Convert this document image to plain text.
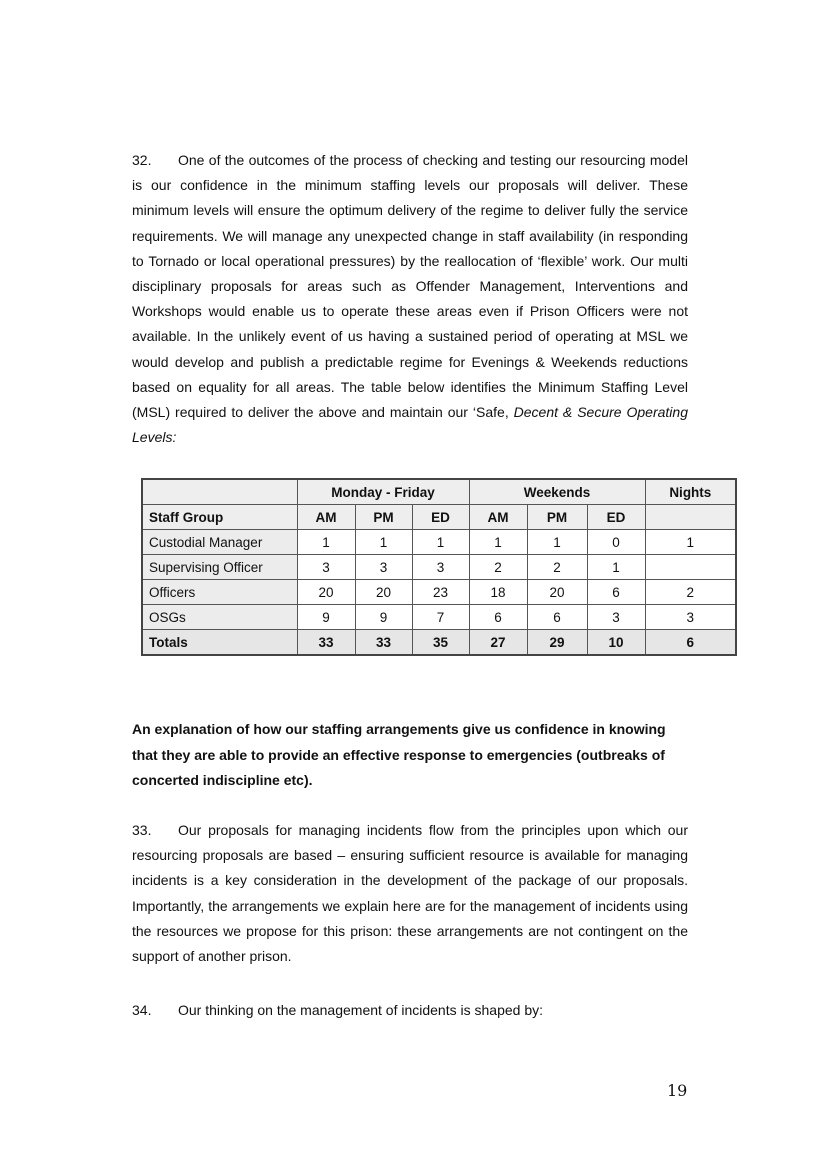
32. One of the outcomes of the process of checking and testing our resourcing model is our confidence in the minimum staffing levels our proposals will deliver. These minimum levels will ensure the optimum delivery of the regime to deliver fully the service requirements. We will manage any unexpected change in staff availability (in responding to Tornado or local operational pressures) by the reallocation of ‘flexible’ work. Our multi disciplinary proposals for areas such as Offender Management, Interventions and Workshops would enable us to operate these areas even if Prison Officers were not available. In the unlikely event of us having a sustained period of operating at MSL we would develop and publish a predictable regime for Evenings & Weekends reductions based on equality for all areas. The table below identifies the Minimum Staffing Level (MSL) required to deliver the above and maintain our ‘Safe, Decent & Secure Operating Levels:
	Monday - Friday			Weekends			Nights
Staff Group	AM	PM	ED	AM	PM	ED	
Custodial Manager	1	1	1	1	1	0	1
Supervising Officer	3	3	3	2	2	1	
Officers	20	20	23	18	20	6	2
OSGs	9	9	7	6	6	3	3
Totals	33	33	35	27	29	10	6
An explanation of how our staffing arrangements give us confidence in knowing that they are able to provide an effective response to emergencies (outbreaks of concerted indiscipline etc).
33. Our proposals for managing incidents flow from the principles upon which our resourcing proposals are based – ensuring sufficient resource is available for managing incidents is a key consideration in the development of the package of our proposals. Importantly, the arrangements we explain here are for the management of incidents using the resources we propose for this prison: these arrangements are not contingent on the support of another prison.
34. Our thinking on the management of incidents is shaped by:
19
